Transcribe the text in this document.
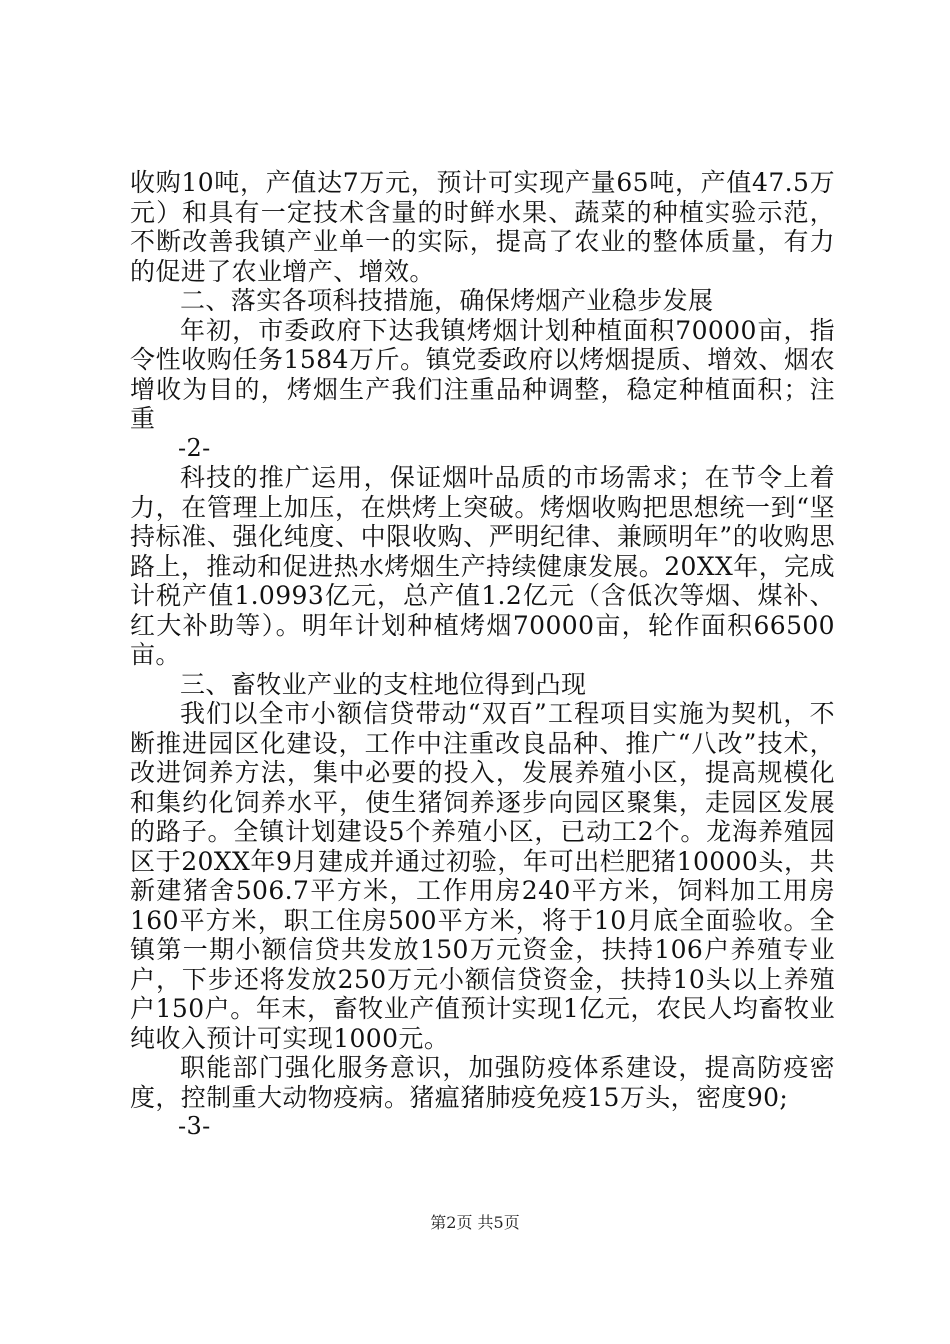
收购10吨，产值达7万元，预计可实现产量65吨，产值47.5万元）和具有一定技术含量的时鲜水果、蔬菜的种植实验示范，不断改善我镇产业单一的实际，提高了农业的整体质量，有力的促进了农业增产、增效。

二、落实各项科技措施，确保烤烟产业稳步发展

年初，市委政府下达我镇烤烟计划种植面积70000亩，指令性收购任务1584万斤。镇党委政府以烤烟提质、增效、烟农增收为目的，烤烟生产我们注重品种调整，稳定种植面积；注重

-2-

科技的推广运用，保证烟叶品质的市场需求；在节令上着力，在管理上加压，在烘烤上突破。烤烟收购把思想统一到“坚持标准、强化纯度、中限收购、严明纪律、兼顾明年”的收购思路上，推动和促进热水烤烟生产持续健康发展。20XX年，完成计税产值1.0993亿元，总产值1.2亿元（含低次等烟、煤补、红大补助等）。明年计划种植烤烟70000亩，轮作面积66500亩。

三、畜牧业产业的支柱地位得到凸现

我们以全市小额信贷带动“双百”工程项目实施为契机，不断推进园区化建设，工作中注重改良品种、推广“八改”技术，改进饲养方法，集中必要的投入，发展养殖小区，提高规模化和集约化饲养水平，使生猪饲养逐步向园区聚集，走园区发展的路子。全镇计划建设5个养殖小区，已动工2个。龙海养殖园区于20XX年9月建成并通过初验，年可出栏肥猪10000头，共新建猪舍506.7平方米，工作用房240平方米，饲料加工用房160平方米，职工住房500平方米，将于10月底全面验收。全镇第一期小额信贷共发放150万元资金，扶持106户养殖专业户，下步还将发放250万元小额信贷资金，扶持10头以上养殖户150户。年末，畜牧业产值预计实现1亿元，农民人均畜牧业纯收入预计可实现1000元。

职能部门强化服务意识，加强防疫体系建设，提高防疫密度，控制重大动物疫病。猪瘟猪肺疫免疫15万头，密度90;

-3-

第2页 共5页
